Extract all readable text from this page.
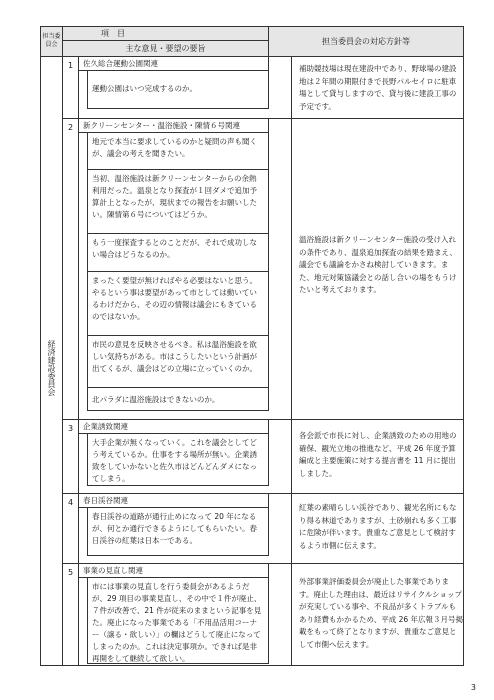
担当委員会
項　目
主な意見・要望の要旨
担当委員会の対応方針等
経済建設委員会
1	佐久総合運動公園関連
運動公園はいつ完成するのか。
補助競技場は現在建設中であり、野球場の建設地は２年間の期限付きで長野パルセイロに駐車場として貸与しますので、貸与後に建設工事の予定です。
2	新クリーンセンター・温浴施設・陳情６号関連
地元で本当に要求しているのかと疑問の声も聞くが、議会の考えを聞きたい。
当初、温浴施設は新クリーンセンターからの余熱利用だった。温泉となり探査が１回ダメで追加予算計上となったが、現状までの報告をお願いしたい。陳情第６号についてはどうか。
もう一度探査するとのことだが、それで成功しない場合はどうなるのか。
まったく要望が無ければやる必要はないと思う。やるという事は要望があって市としては動いているわけだから、その辺の情報は議会にもきているのではないか。
市民の意見を反映させるべき。私は温浴施設を欲しい気持ちがある。市はこうしたいという計画が出てくるが、議会はどの立場に立っていくのか。
北パラダに温浴施設はできないのか。
温浴施設は新クリーンセンター施設の受け入れの条件であり、温泉追加探査の結果を踏まえ、議会でも議論をかさね検討していきます。また、地元対策協議会との話し合いの場をもうけたいと考えております。
3	企業誘致関連
大手企業が無くなっていく。これを議会としてどう考えているか。仕事をする場所が無い。企業誘致をしていかないと佐久市はどんどんダメになってしまう。
各会派で市長に対し、企業誘致のための用地の確保、観光立地の推進など、平成 26 年度予算編成と主要施策に対する提言書を 11 月に提出しました。
4	春日渓谷関連
春日渓谷の道路が通行止めになって 20 年になるが、何とか通行できるようにしてもらいたい。春日渓谷の紅葉は日本一である。
紅葉の素晴らしい渓谷であり、観光名所にもなり得る林道でありますが、土砂崩れも多く工事に危険が伴います。貴重なご意見として検討するよう市側に伝えます。
5	事業の見直し関連
市には事業の見直しを行う委員会があるようだが、29 項目の事業見直し、その中で１件が廃止、７件が改善で、21 件が従来のままという記事を見た。廃止になった事業である「不用品活用コーナー（譲る・欲しい）」の欄はどうして廃止になってしまったのか。これは決定事項か。できれば是非再開をして継続して欲しい。
外部事業評価委員会が廃止した事業であります。廃止した理由は、最近はリサイクルショップが充実している事や、不良品が多くトラブルもあり経費もかかるため、平成 26 年広報３月号掲載をもって終了となりますが、貴重なご意見として市側へ伝えます。
3
